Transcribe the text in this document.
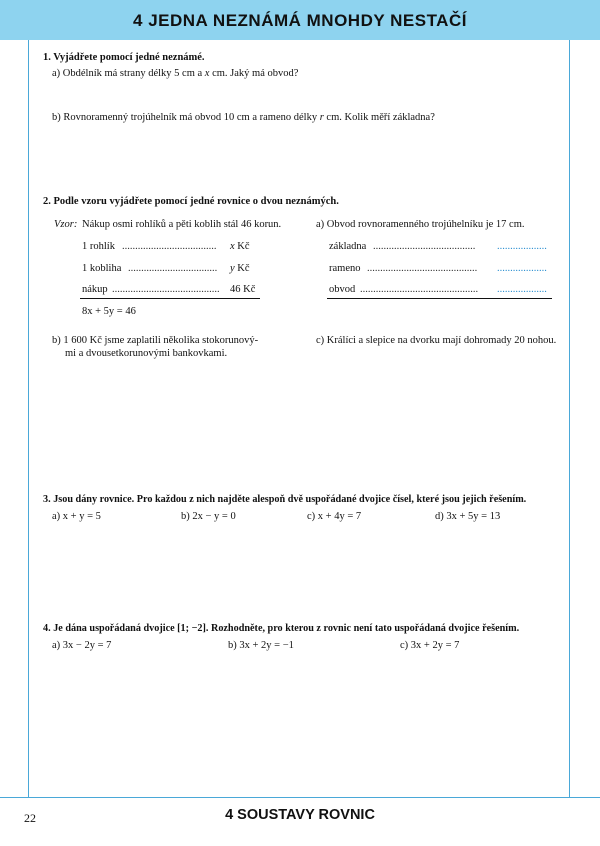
4 JEDNA NEZNÁMÁ MNOHDY NESTAČÍ
1. Vyjádřete pomocí jedné neznámé.
a) Obdélník má strany délky 5 cm a x cm. Jaký má obvod?
b) Rovnoramenný trojúhelník má obvod 10 cm a rameno délky r cm. Kolik měří základna?
2. Podle vzoru vyjádřete pomocí jedné rovnice o dvou neznámých.
Vzor: Nákup osmi rohlíků a pěti koblih stál 46 korun.
1 rohlík .................................... x Kč
1 kobliha .................................. y Kč
nákup ......................................... 46 Kč
8x + 5y = 46
a) Obvod rovnoramenného trojúhelníku je 17 cm.
základna ....................................... ...................
rameno .......................................... ...................
obvod ............................................. ...................
b) 1 600 Kč jsme zaplatili několika stokorunový-
mi a dvousetkorunovými bankovkami.
c) Králíci a slepice na dvorku mají dohromady 20 nohou.
3. Jsou dány rovnice. Pro každou z nich najděte alespoň dvě uspořádané dvojice čísel, které jsou jejich řešením.
a) x + y = 5	b) 2x − y = 0	c) x + 4y = 7	d) 3x + 5y = 13
4. Je dána uspořádaná dvojice [1; −2]. Rozhodněte, pro kterou z rovnic není tato uspořádaná dvojice řešením.
a) 3x − 2y = 7	b) 3x + 2y = −1	c) 3x + 2y = 7
22	4 SOUSTAVY ROVNIC
